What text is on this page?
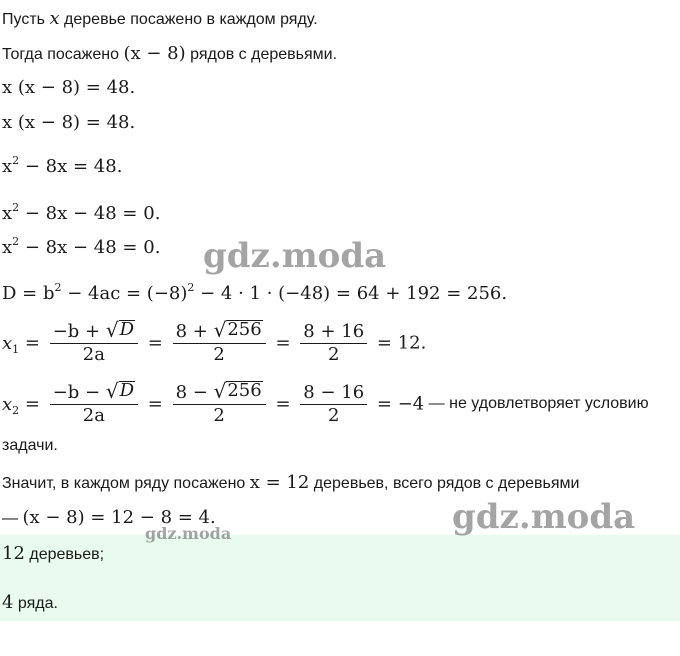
Пусть x деревье посажено в каждом ряду.
Тогда посажено (x − 8) рядов с деревьями.
x (x − 8) = 48.
x (x − 8) = 48.
$x^2 - 8x = 48$.
$x^2 - 8x - 48 = 0$.
$x^2 - 8x - 48 = 0$.
$D = b^2 - 4ac = (-8)^2 - 4 \cdot 1 \cdot (-48) = 64 + 192 = 256$.
$x_1 = \frac{-b + √ D}{2a} = \frac{8 + √ 256}{2} = \frac{8 + 16}{2} = 12$.
$x_2 = \frac{-b - √ D}{2a} = \frac{8 - √ 256}{2} = \frac{8 - 16}{2} = -4$ — не удовлетворяет условию
задачи.
Значит, в каждом ряду посажено x = 12 деревьев, всего рядов с деревьями
— (x − 8) = 12 − 8 = 4.
12 деревьев;
4 ряда.
gdz.moda
gdz.moda
gdz.moda
